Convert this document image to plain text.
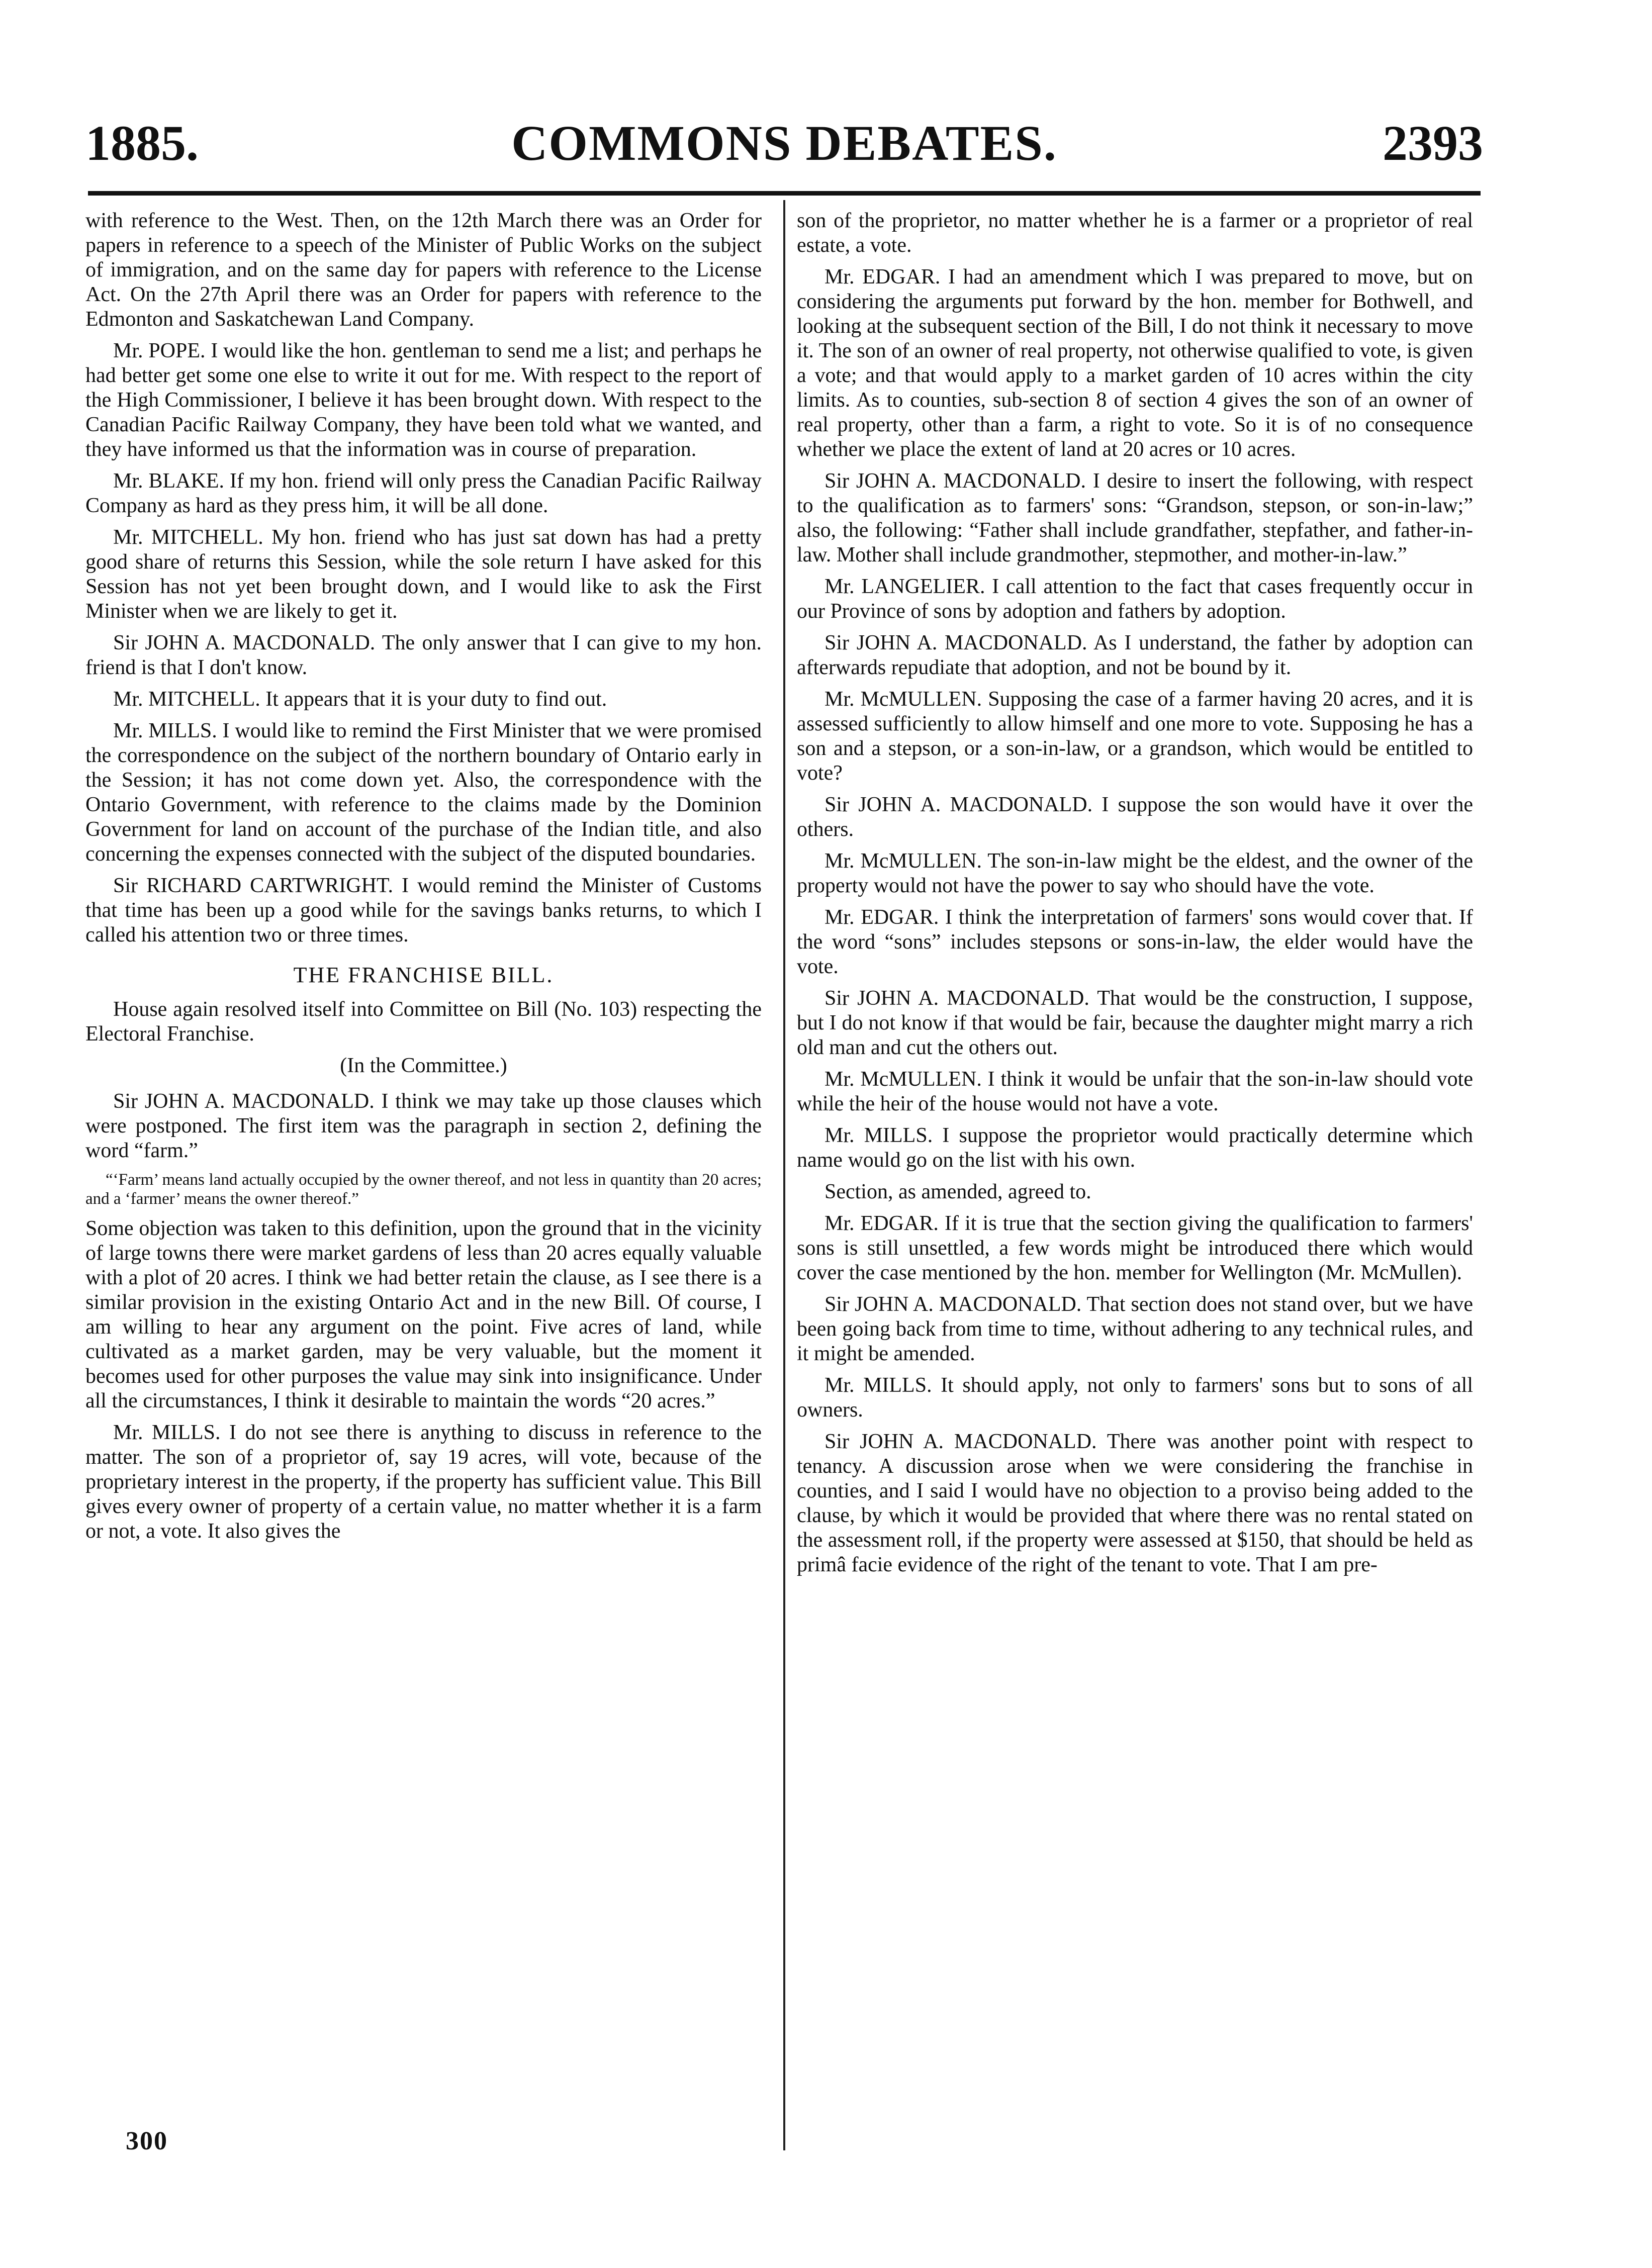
1885.	COMMONS DEBATES.	2393

with reference to the West. Then, on the 12th March there was an Order for papers in reference to a speech of the Minister of Public Works on the subject of immigration, and on the same day for papers with reference to the License Act. On the 27th April there was an Order for papers with reference to the Edmonton and Saskatchewan Land Company.

Mr. POPE. I would like the hon. gentleman to send me a list; and perhaps he had better get some one else to write it out for me. With respect to the report of the High Commissioner, I believe it has been brought down. With respect to the Canadian Pacific Railway Company, they have been told what we wanted, and they have informed us that the information was in course of preparation.

Mr. BLAKE. If my hon. friend will only press the Canadian Pacific Railway Company as hard as they press him, it will be all done.

Mr. MITCHELL. My hon. friend who has just sat down has had a pretty good share of returns this Session, while the sole return I have asked for this Session has not yet been brought down, and I would like to ask the First Minister when we are likely to get it.

Sir JOHN A. MACDONALD. The only answer that I can give to my hon. friend is that I don't know.

Mr. MITCHELL. It appears that it is your duty to find out.

Mr. MILLS. I would like to remind the First Minister that we were promised the correspondence on the subject of the northern boundary of Ontario early in the Session; it has not come down yet. Also, the correspondence with the Ontario Government, with reference to the claims made by the Dominion Government for land on account of the purchase of the Indian title, and also concerning the expenses connected with the subject of the disputed boundaries.

Sir RICHARD CARTWRIGHT. I would remind the Minister of Customs that time has been up a good while for the savings banks returns, to which I called his attention two or three times.

THE FRANCHISE BILL.

House again resolved itself into Committee on Bill (No. 103) respecting the Electoral Franchise.

(In the Committee.)

Sir JOHN A. MACDONALD. I think we may take up those clauses which were postponed. The first item was the paragraph in section 2, defining the word “farm.”

“‘Farm’ means land actually occupied by the owner thereof, and not less in quantity than 20 acres; and a ‘farmer’ means the owner thereof.”

Some objection was taken to this definition, upon the ground that in the vicinity of large towns there were market gardens of less than 20 acres equally valuable with a plot of 20 acres. I think we had better retain the clause, as I see there is a similar provision in the existing Ontario Act and in the new Bill. Of course, I am willing to hear any argument on the point. Five acres of land, while cultivated as a market garden, may be very valuable, but the moment it becomes used for other purposes the value may sink into insignificance. Under all the circumstances, I think it desirable to maintain the words “20 acres.”

Mr. MILLS. I do not see there is anything to discuss in reference to the matter. The son of a proprietor of, say 19 acres, will vote, because of the proprietary interest in the property, if the property has sufficient value. This Bill gives every owner of property of a certain value, no matter whether it is a farm or not, a vote. It also gives the

son of the proprietor, no matter whether he is a farmer or a proprietor of real estate, a vote.

Mr. EDGAR. I had an amendment which I was prepared to move, but on considering the arguments put forward by the hon. member for Bothwell, and looking at the subsequent section of the Bill, I do not think it necessary to move it. The son of an owner of real property, not otherwise qualified to vote, is given a vote; and that would apply to a market garden of 10 acres within the city limits. As to counties, sub-section 8 of section 4 gives the son of an owner of real property, other than a farm, a right to vote. So it is of no consequence whether we place the extent of land at 20 acres or 10 acres.

Sir JOHN A. MACDONALD. I desire to insert the following, with respect to the qualification as to farmers' sons: “Grandson, stepson, or son-in-law;” also, the following: “Father shall include grandfather, stepfather, and father-in-law. Mother shall include grandmother, stepmother, and mother-in-law.”

Mr. LANGELIER. I call attention to the fact that cases frequently occur in our Province of sons by adoption and fathers by adoption.

Sir JOHN A. MACDONALD. As I understand, the father by adoption can afterwards repudiate that adoption, and not be bound by it.

Mr. McMULLEN. Supposing the case of a farmer having 20 acres, and it is assessed sufficiently to allow himself and one more to vote. Supposing he has a son and a stepson, or a son-in-law, or a grandson, which would be entitled to vote?

Sir JOHN A. MACDONALD. I suppose the son would have it over the others.

Mr. McMULLEN. The son-in-law might be the eldest, and the owner of the property would not have the power to say who should have the vote.

Mr. EDGAR. I think the interpretation of farmers' sons would cover that. If the word “sons” includes stepsons or sons-in-law, the elder would have the vote.

Sir JOHN A. MACDONALD. That would be the construction, I suppose, but I do not know if that would be fair, because the daughter might marry a rich old man and cut the others out.

Mr. McMULLEN. I think it would be unfair that the son-in-law should vote while the heir of the house would not have a vote.

Mr. MILLS. I suppose the proprietor would practically determine which name would go on the list with his own.

Section, as amended, agreed to.

Mr. EDGAR. If it is true that the section giving the qualification to farmers' sons is still unsettled, a few words might be introduced there which would cover the case mentioned by the hon. member for Wellington (Mr. McMullen).

Sir JOHN A. MACDONALD. That section does not stand over, but we have been going back from time to time, without adhering to any technical rules, and it might be amended.

Mr. MILLS. It should apply, not only to farmers' sons but to sons of all owners.

Sir JOHN A. MACDONALD. There was another point with respect to tenancy. A discussion arose when we were considering the franchise in counties, and I said I would have no objection to a proviso being added to the clause, by which it would be provided that where there was no rental stated on the assessment roll, if the property were assessed at $150, that should be held as primâ facie evidence of the right of the tenant to vote. That I am pre-

300
